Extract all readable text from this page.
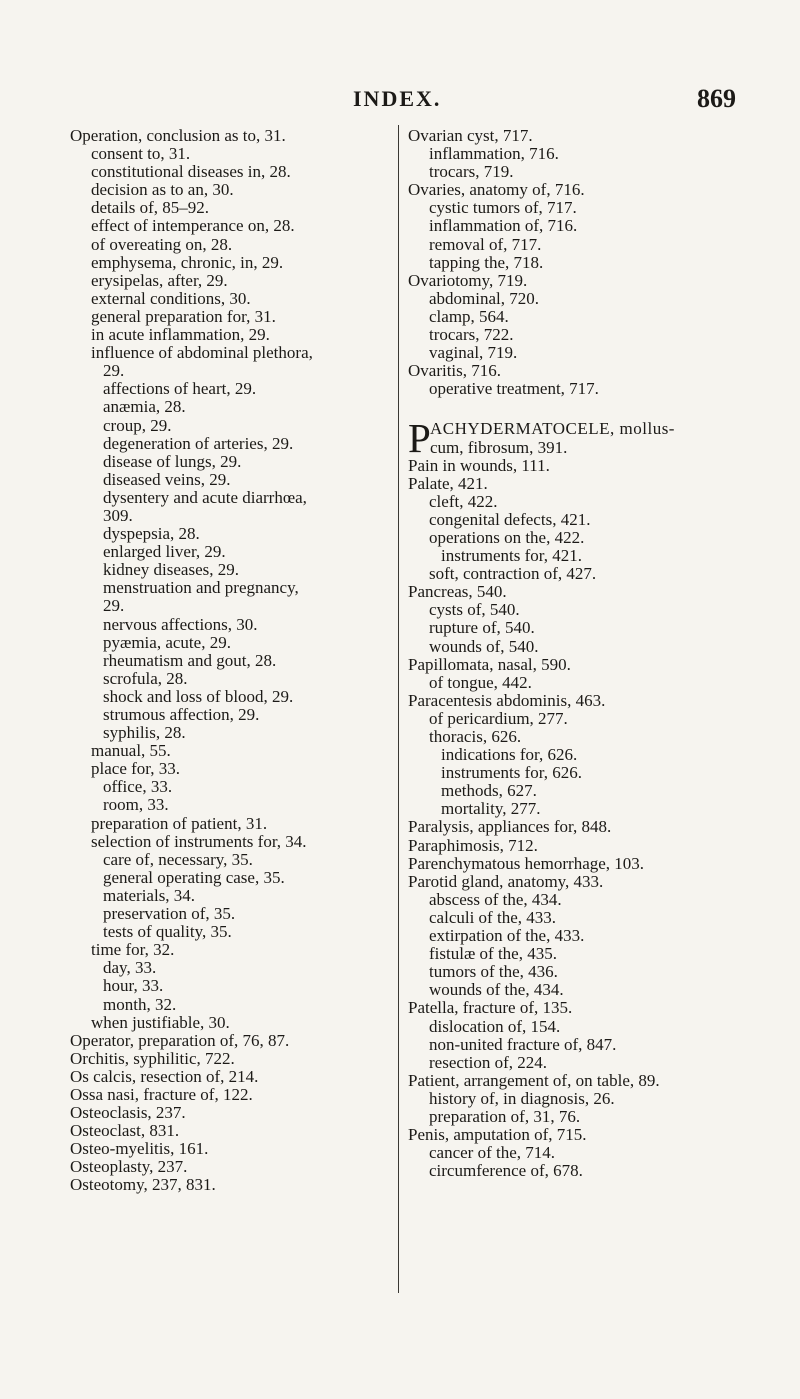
INDEX.	869
Operation, conclusion as to, 31.
consent to, 31.
constitutional diseases in, 28.
decision as to an, 30.
details of, 85–92.
effect of intemperance on, 28.
of overeating on, 28.
emphysema, chronic, in, 29.
erysipelas, after, 29.
external conditions, 30.
general preparation for, 31.
in acute inflammation, 29.
influence of abdominal plethora,
29.
affections of heart, 29.
anæmia, 28.
croup, 29.
degeneration of arteries, 29.
disease of lungs, 29.
diseased veins, 29.
dysentery and acute diarrhœa,
309.
dyspepsia, 28.
enlarged liver, 29.
kidney diseases, 29.
menstruation and pregnancy,
29.
nervous affections, 30.
pyæmia, acute, 29.
rheumatism and gout, 28.
scrofula, 28.
shock and loss of blood, 29.
strumous affection, 29.
syphilis, 28.
manual, 55.
place for, 33.
office, 33.
room, 33.
preparation of patient, 31.
selection of instruments for, 34.
care of, necessary, 35.
general operating case, 35.
materials, 34.
preservation of, 35.
tests of quality, 35.
time for, 32.
day, 33.
hour, 33.
month, 32.
when justifiable, 30.
Operator, preparation of, 76, 87.
Orchitis, syphilitic, 722.
Os calcis, resection of, 214.
Ossa nasi, fracture of, 122.
Osteoclasis, 237.
Osteoclast, 831.
Osteo-myelitis, 161.
Osteoplasty, 237.
Osteotomy, 237, 831.
Ovarian cyst, 717.
inflammation, 716.
trocars, 719.
Ovaries, anatomy of, 716.
cystic tumors of, 717.
inflammation of, 716.
removal of, 717.
tapping the, 718.
Ovariotomy, 719.
abdominal, 720.
clamp, 564.
trocars, 722.
vaginal, 719.
Ovaritis, 716.
operative treatment, 717.
P ACHYDERMATOCELE, mollus-
cum, fibrosum, 391.
Pain in wounds, 111.
Palate, 421.
cleft, 422.
congenital defects, 421.
operations on the, 422.
instruments for, 421.
soft, contraction of, 427.
Pancreas, 540.
cysts of, 540.
rupture of, 540.
wounds of, 540.
Papillomata, nasal, 590.
of tongue, 442.
Paracentesis abdominis, 463.
of pericardium, 277.
thoracis, 626.
indications for, 626.
instruments for, 626.
methods, 627.
mortality, 277.
Paralysis, appliances for, 848.
Paraphimosis, 712.
Parenchymatous hemorrhage, 103.
Parotid gland, anatomy, 433.
abscess of the, 434.
calculi of the, 433.
extirpation of the, 433.
fistulæ of the, 435.
tumors of the, 436.
wounds of the, 434.
Patella, fracture of, 135.
dislocation of, 154.
non-united fracture of, 847.
resection of, 224.
Patient, arrangement of, on table, 89.
history of, in diagnosis, 26.
preparation of, 31, 76.
Penis, amputation of, 715.
cancer of the, 714.
circumference of, 678.
